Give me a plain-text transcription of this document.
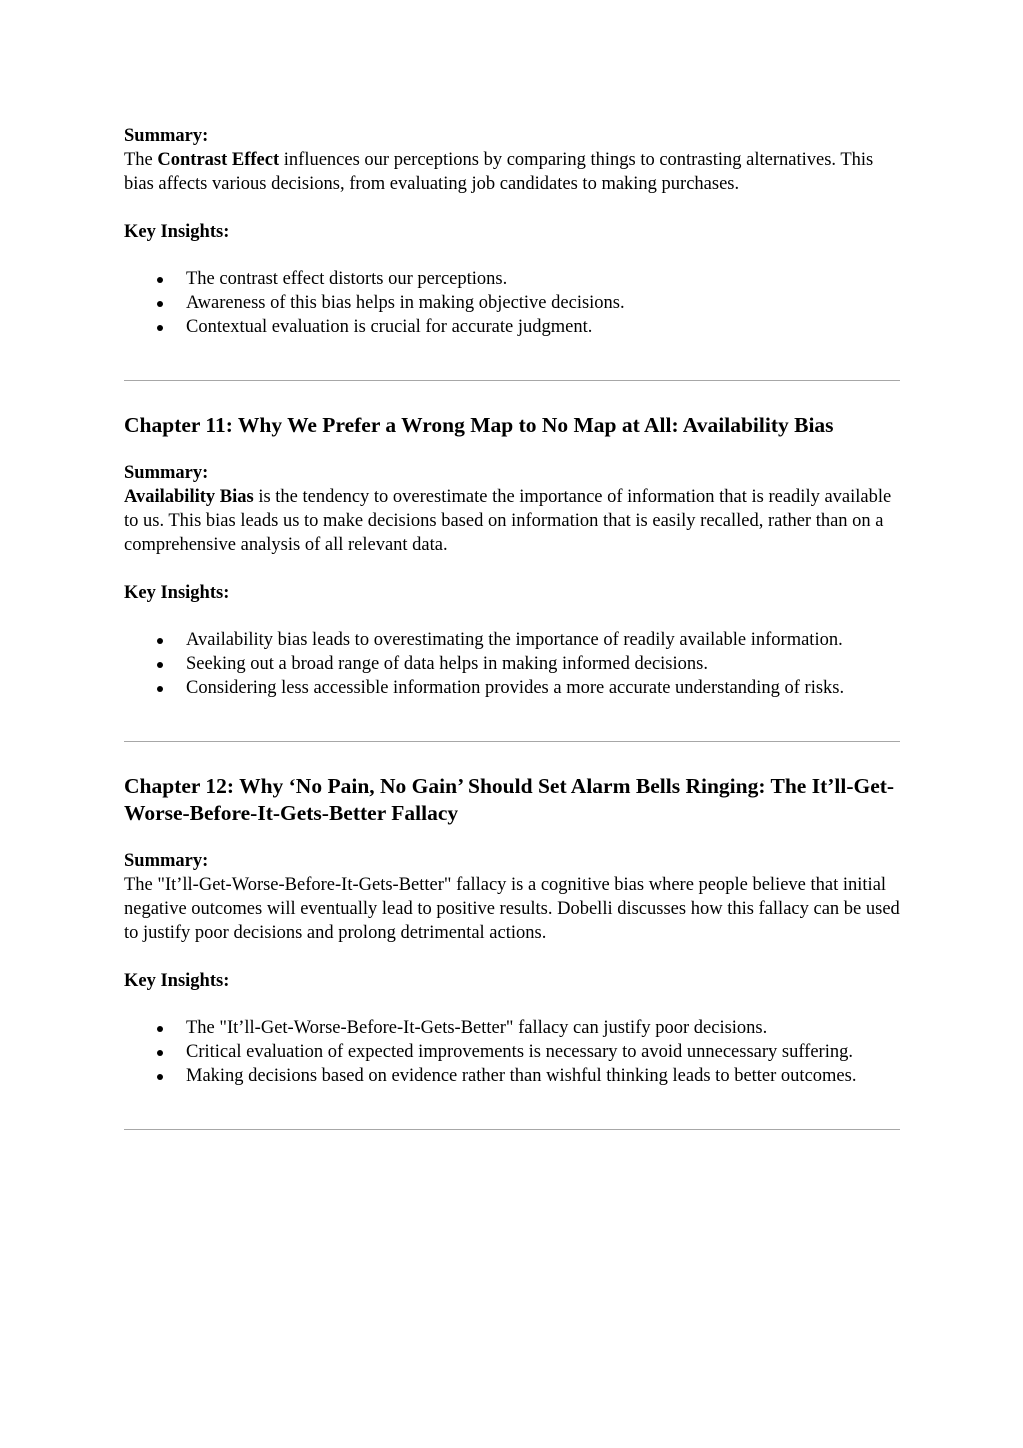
Summary:

The Contrast Effect influences our perceptions by comparing things to contrasting alternatives. This bias affects various decisions, from evaluating job candidates to making purchases.

Key Insights:

The contrast effect distorts our perceptions.
Awareness of this bias helps in making objective decisions.
Contextual evaluation is crucial for accurate judgment.
Chapter 11: Why We Prefer a Wrong Map to No Map at All: Availability Bias

Summary:

Availability Bias is the tendency to overestimate the importance of information that is readily available to us. This bias leads us to make decisions based on information that is easily recalled, rather than on a comprehensive analysis of all relevant data.

Key Insights:

Availability bias leads to overestimating the importance of readily available information.
Seeking out a broad range of data helps in making informed decisions.
Considering less accessible information provides a more accurate understanding of risks.
Chapter 12: Why ‘No Pain, No Gain’ Should Set Alarm Bells Ringing: The It’ll-Get-Worse-Before-It-Gets-Better Fallacy

Summary:

The "It’ll-Get-Worse-Before-It-Gets-Better" fallacy is a cognitive bias where people believe that initial negative outcomes will eventually lead to positive results. Dobelli discusses how this fallacy can be used to justify poor decisions and prolong detrimental actions.

Key Insights:

The "It’ll-Get-Worse-Before-It-Gets-Better" fallacy can justify poor decisions.
Critical evaluation of expected improvements is necessary to avoid unnecessary suffering.
Making decisions based on evidence rather than wishful thinking leads to better outcomes.
